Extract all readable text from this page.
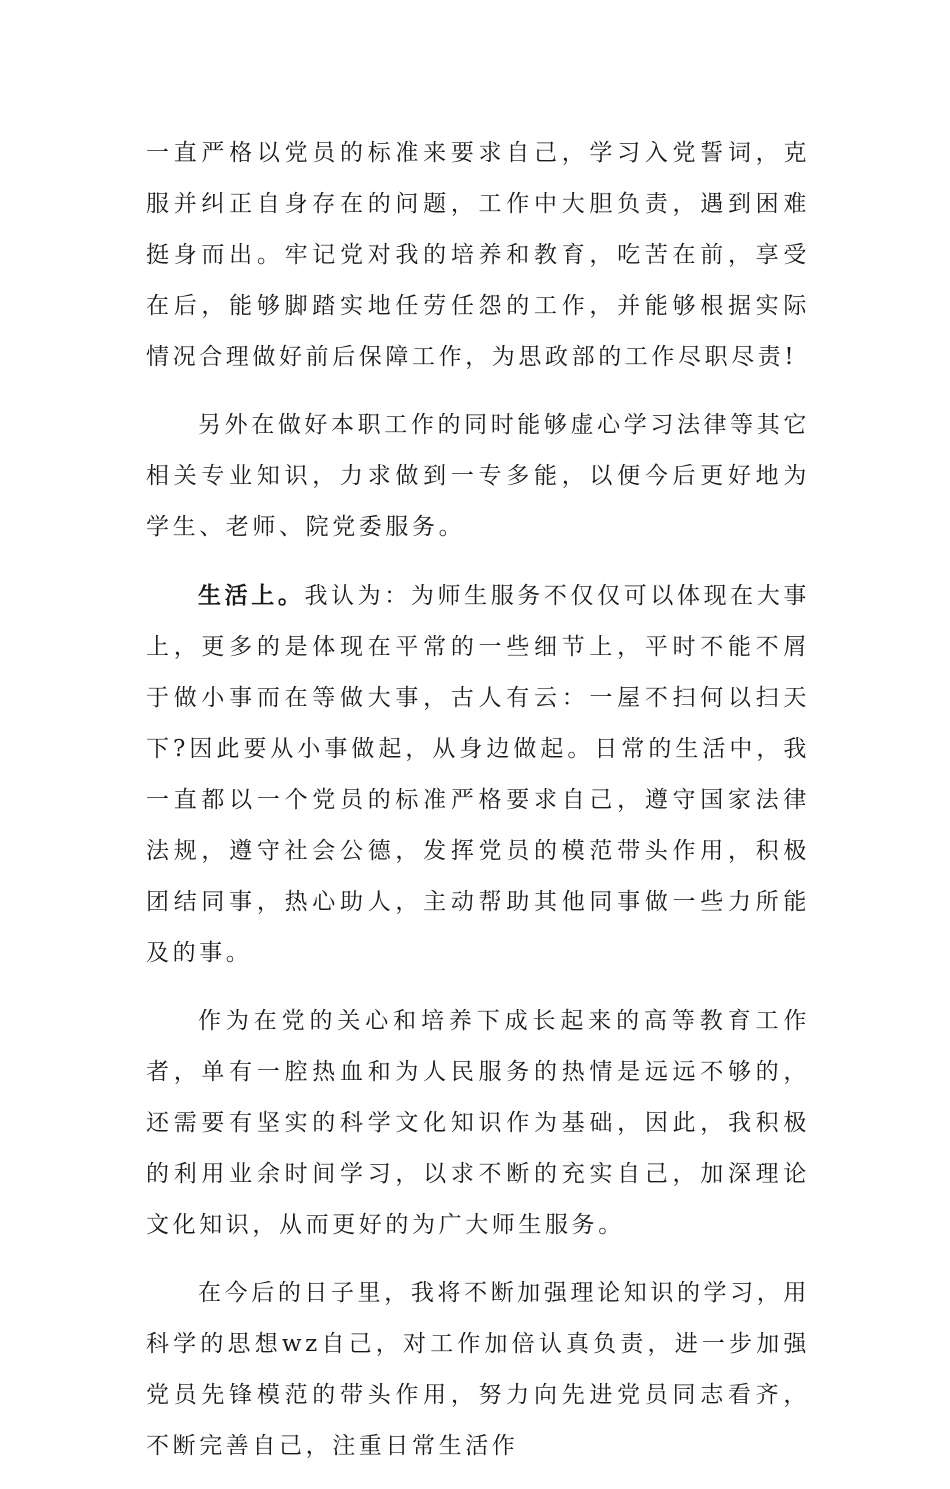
一直严格以党员的标准来要求自己，学习入党誓词，克服并纠正自身存在的问题，工作中大胆负责，遇到困难挺身而出。牢记党对我的培养和教育，吃苦在前，享受在后，能够脚踏实地任劳任怨的工作，并能够根据实际情况合理做好前后保障工作，为思政部的工作尽职尽责!

另外在做好本职工作的同时能够虚心学习法律等其它相关专业知识，力求做到一专多能，以便今后更好地为学生、老师、院党委服务。

生活上。我认为：为师生服务不仅仅可以体现在大事上，更多的是体现在平常的一些细节上，平时不能不屑于做小事而在等做大事，古人有云：一屋不扫何以扫天下?因此要从小事做起，从身边做起。日常的生活中，我一直都以一个党员的标准严格要求自己，遵守国家法律法规，遵守社会公德，发挥党员的模范带头作用，积极团结同事，热心助人，主动帮助其他同事做一些力所能及的事。

作为在党的关心和培养下成长起来的高等教育工作者，单有一腔热血和为人民服务的热情是远远不够的，还需要有坚实的科学文化知识作为基础，因此，我积极的利用业余时间学习，以求不断的充实自己，加深理论文化知识，从而更好的为广大师生服务。

在今后的日子里，我将不断加强理论知识的学习，用科学的思想wz自己，对工作加倍认真负责，进一步加强党员先锋模范的带头作用，努力向先进党员同志看齐，不断完善自己，注重日常生活作
